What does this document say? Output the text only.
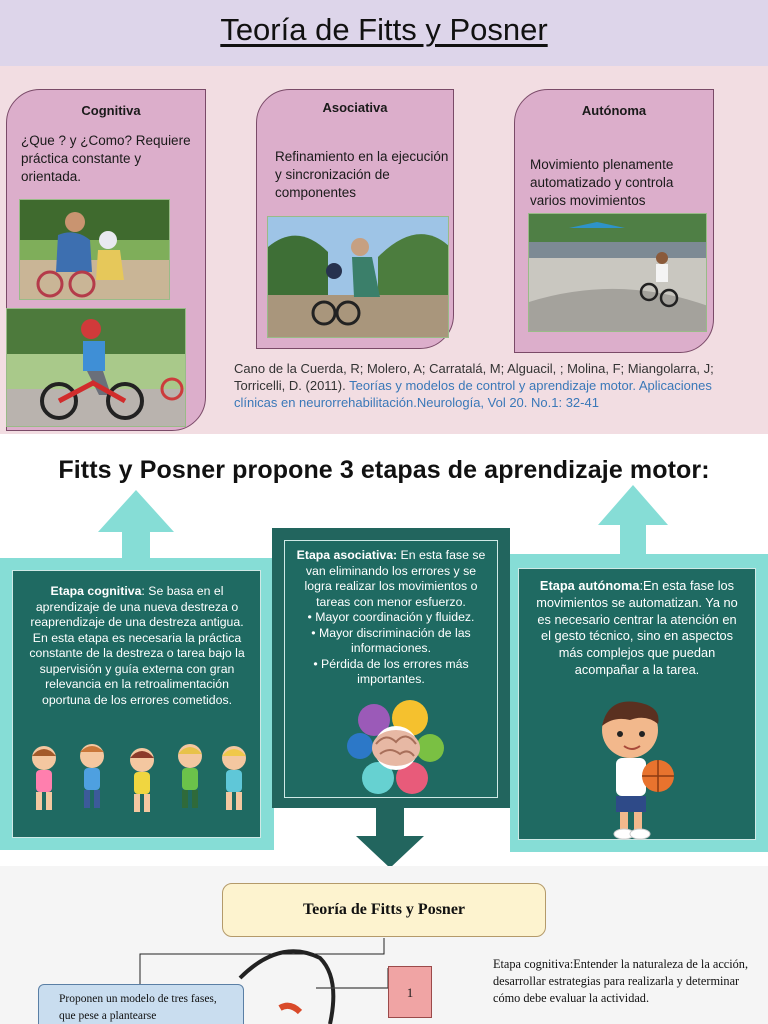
Teoría de Fitts y Posner
Cognitiva
¿Que ? y ¿Como? Requiere práctica constante y orientada.
Asociativa
Refinamiento en la ejecución y sincronización de componentes
Autónoma
Movimiento plenamente automatizado y controla varios movimientos
Cano de la Cuerda, R; Molero, A; Carratalá, M; Alguacil, ; Molina, F; Miangolarra, J; Torricelli, D. (2011). Teorías y modelos de control y aprendizaje motor. Aplicaciones clínicas en neurorrehabilitación.Neurología, Vol 20. No.1: 32-41
Fitts y Posner propone 3 etapas de aprendizaje motor:
Etapa cognitiva: Se basa en el aprendizaje de una nueva destreza o reaprendizaje de una destreza antigua. En esta etapa es necesaria la práctica constante de la destreza o tarea bajo la supervisión y guía externa con gran relevancia en la retroalimentación oportuna de los errores cometidos.
Etapa asociativa: En esta fase se van eliminando los errores y se logra realizar los movimientos o tareas con menor esfuerzo.
• Mayor coordinación y fluidez.
• Mayor discriminación de las informaciones.
• Pérdida de los errores más importantes.
Etapa autónoma:En esta fase los movimientos se automatizan. Ya no es necesario centrar la atención en el gesto técnico, sino en aspectos más complejos que puedan acompañar a la tarea.
Teoría de Fitts y Posner
Proponen un modelo de tres fases, que pese a plantearse
1
Etapa cognitiva:Entender la naturaleza de la acción, desarrollar estrategias para realizarla y determinar cómo debe evaluar la actividad.
